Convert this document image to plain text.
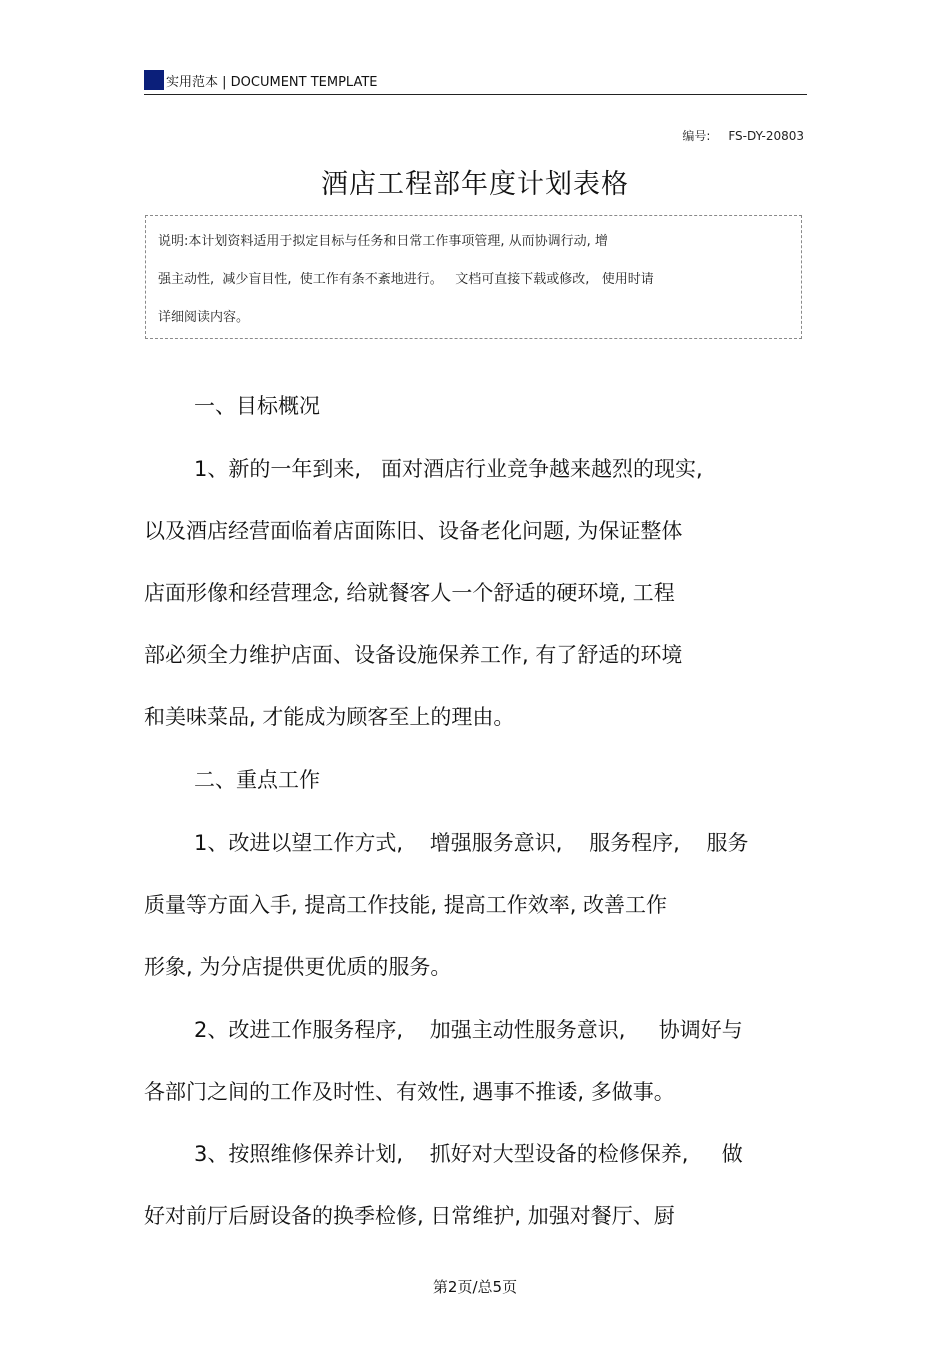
实用范本 | DOCUMENT TEMPLATE
编号: FS-DY-20803
酒店工程部年度计划表格
说明:本计划资料适用于拟定目标与任务和日常工作事项管理, 从而协调行动, 增
强主动性,  减少盲目性,  使工作有条不紊地进行。   文档可直接下载或修改,   使用时请
详细阅读内容。
一、目标概况
1、新的一年到来,   面对酒店行业竞争越来越烈的现实,
以及酒店经营面临着店面陈旧、设备老化问题, 为保证整体
店面形像和经营理念, 给就餐客人一个舒适的硬环境, 工程
部必须全力维护店面、设备设施保养工作, 有了舒适的环境
和美味菜品, 才能成为顾客至上的理由。
二、重点工作
1、改进以望工作方式,    增强服务意识,    服务程序,    服务
质量等方面入手, 提高工作技能, 提高工作效率, 改善工作
形象, 为分店提供更优质的服务。
2、改进工作服务程序,    加强主动性服务意识,     协调好与
各部门之间的工作及时性、有效性, 遇事不推诿, 多做事。
3、按照维修保养计划,    抓好对大型设备的检修保养,     做
好对前厅后厨设备的换季检修, 日常维护, 加强对餐厅、厨
第2页/总5页
